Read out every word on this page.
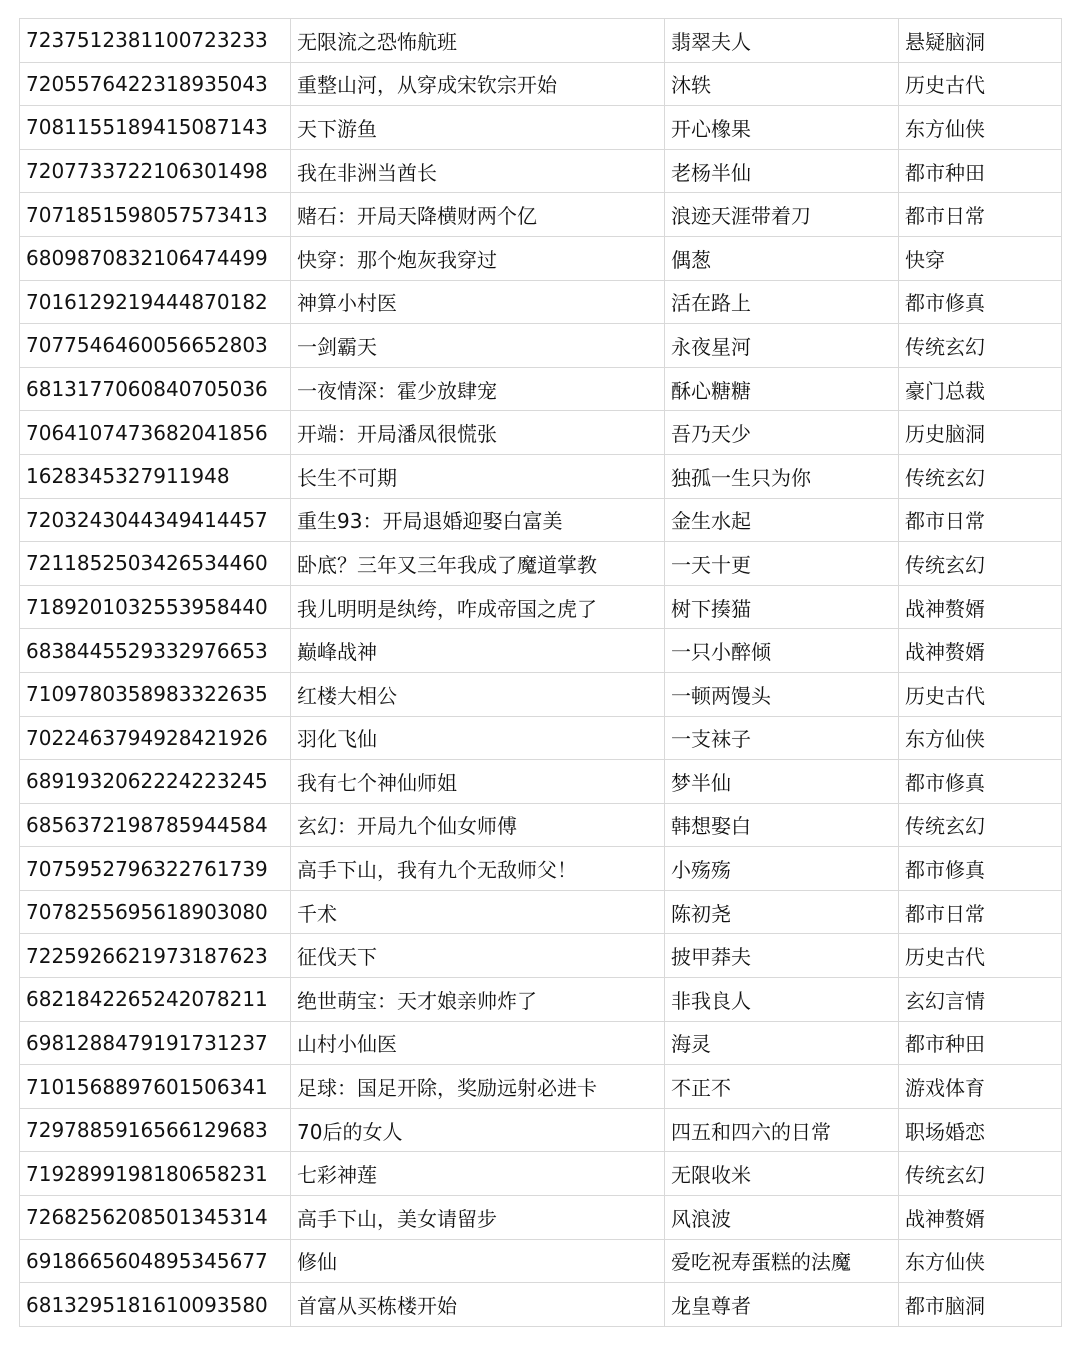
7237512381100723233	无限流之恐怖航班	翡翠夫人	悬疑脑洞
7205576422318935043	重整山河，从穿成宋钦宗开始	沐轶	历史古代
7081155189415087143	天下游鱼	开心橡果	东方仙侠
7207733722106301498	我在非洲当酋长	老杨半仙	都市种田
7071851598057573413	赌石：开局天降横财两个亿	浪迹天涯带着刀	都市日常
6809870832106474499	快穿：那个炮灰我穿过	偶葱	快穿
7016129219444870182	神算小村医	活在路上	都市修真
7077546460056652803	一剑霸天	永夜星河	传统玄幻
6813177060840705036	一夜情深：霍少放肆宠	酥心糖糖	豪门总裁
7064107473682041856	开端：开局潘凤很慌张	吾乃天少	历史脑洞
1628345327911948	长生不可期	独孤一生只为你	传统玄幻
7203243044349414457	重生93：开局退婚迎娶白富美	金生水起	都市日常
7211852503426534460	卧底？三年又三年我成了魔道掌教	一天十更	传统玄幻
7189201032553958440	我儿明明是纨绔，咋成帝国之虎了	树下揍猫	战神赘婿
6838445529332976653	巅峰战神	一只小醉倾	战神赘婿
7109780358983322635	红楼大相公	一顿两馒头	历史古代
7022463794928421926	羽化飞仙	一支袜子	东方仙侠
6891932062224223245	我有七个神仙师姐	梦半仙	都市修真
6856372198785944584	玄幻：开局九个仙女师傅	韩想娶白	传统玄幻
7075952796322761739	高手下山，我有九个无敌师父！	小殇殇	都市修真
7078255695618903080	千术	陈初尧	都市日常
7225926621973187623	征伐天下	披甲莽夫	历史古代
6821842265242078211	绝世萌宝：天才娘亲帅炸了	非我良人	玄幻言情
6981288479191731237	山村小仙医	海灵	都市种田
7101568897601506341	足球：国足开除，奖励远射必进卡	不正不	游戏体育
7297885916566129683	70后的女人	四五和四六的日常	职场婚恋
7192899198180658231	七彩神莲	无限收米	传统玄幻
7268256208501345314	高手下山，美女请留步	风浪波	战神赘婿
6918665604895345677	修仙	爱吃祝寿蛋糕的法魔	东方仙侠
6813295181610093580	首富从买栋楼开始	龙皇尊者	都市脑洞
